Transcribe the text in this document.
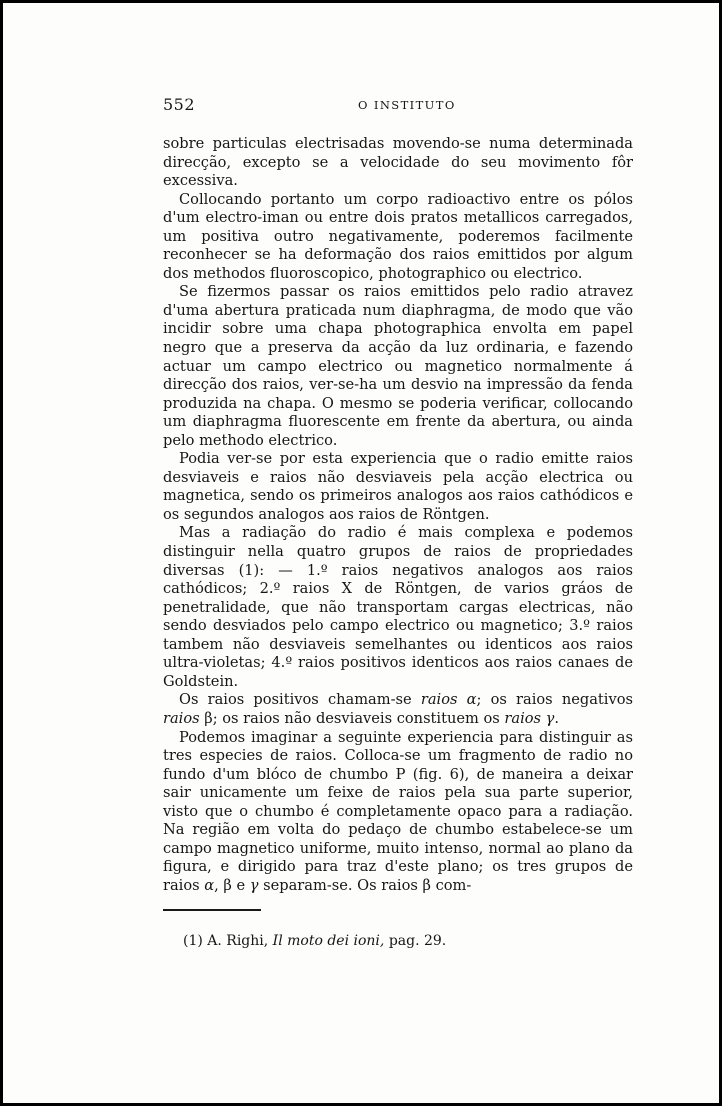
552	O INSTITUTO

sobre particulas electrisadas movendo-se numa determinada direcção, excepto se a velocidade do seu movimento fôr excessiva.

Collocando portanto um corpo radioactivo entre os pólos d'um electro-iman ou entre dois pratos metallicos carregados, um positiva outro negativamente, poderemos facilmente reconhecer se ha deformação dos raios emittidos por algum dos methodos fluoroscopico, photographico ou electrico.

Se fizermos passar os raios emittidos pelo radio atravez d'uma abertura praticada num diaphragma, de modo que vão incidir sobre uma chapa photographica envolta em papel negro que a preserva da acção da luz ordinaria, e fazendo actuar um campo electrico ou magnetico normalmente á direcção dos raios, ver-se-ha um desvio na impressão da fenda produzida na chapa. O mesmo se poderia verificar, collocando um diaphragma fluorescente em frente da abertura, ou ainda pelo methodo electrico.

Podia ver-se por esta experiencia que o radio emitte raios desviaveis e raios não desviaveis pela acção electrica ou magnetica, sendo os primeiros analogos aos raios cathódicos e os segundos analogos aos raios de Röntgen.

Mas a radiação do radio é mais complexa e podemos distinguir nella quatro grupos de raios de propriedades diversas (1): — 1.º raios negativos analogos aos raios cathódicos; 2.º raios X de Röntgen, de varios gráos de penetralidade, que não transportam cargas electricas, não sendo desviados pelo campo electrico ou magnetico; 3.º raios tambem não desviaveis semelhantes ou identicos aos raios ultra-violetas; 4.º raios positivos identicos aos raios canaes de Goldstein.

Os raios positivos chamam-se raios α; os raios negativos raios β; os raios não desviaveis constituem os raios γ.

Podemos imaginar a seguinte experiencia para distinguir as tres especies de raios. Colloca-se um fragmento de radio no fundo d'um blóco de chumbo P (fig. 6), de maneira a deixar sair unicamente um feixe de raios pela sua parte superior, visto que o chumbo é completamente opaco para a radiação. Na região em volta do pedaço de chumbo estabelece-se um campo magnetico uniforme, muito intenso, normal ao plano da figura, e dirigido para traz d'este plano; os tres grupos de raios α, β e γ separam-se. Os raios β com-

(1) A. Righi, Il moto dei ioni, pag. 29.
